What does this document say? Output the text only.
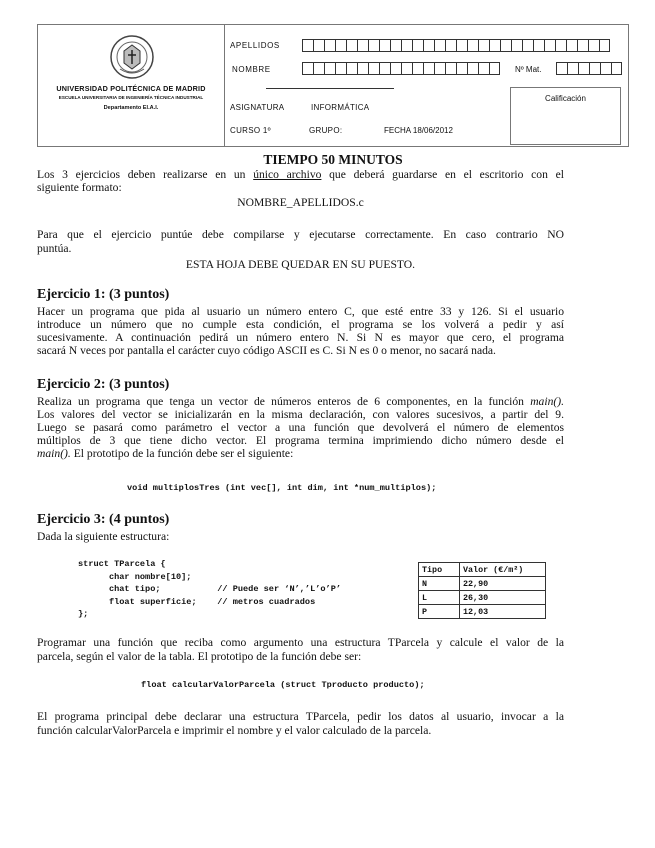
UNIVERSIDAD POLITÉCNICA DE MADRID
ESCUELA UNIVERSITARIA DE INGENIERÍA TÉCNICA INDUSTRIAL
Departamento El.A.I.
APELLIDOS
NOMBRE	Nº Mat.
ASIGNATURA	INFORMÁTICA
CURSO 1º	GRUPO:	FECHA 18/06/2012
Calificación
TIEMPO 50 MINUTOS

Los 3 ejercicios deben realizarse en un único archivo que deberá guardarse en el escritorio con el

siguiente formato:

NOMBRE_APELLIDOS.c

Para que el ejercicio puntúe debe compilarse y ejecutarse correctamente. En caso contrario NO

puntúa.

ESTA HOJA DEBE QUEDAR EN SU PUESTO.

Ejercicio 1: (3 puntos)

Hacer un programa que pida al usuario un número entero C, que esté entre 33 y 126. Si el usuario

introduce un número que no cumple esta condición, el programa se los volverá a pedir y así

sucesivamente. A continuación pedirá un número entero N. Si N es mayor que cero, el programa

sacará N veces por pantalla el carácter cuyo código ASCII es C. Si N es 0 o menor, no sacará nada.

Ejercicio 2: (3 puntos)

Realiza un programa que tenga un vector de números enteros de 6 componentes, en la función main().

Los valores del vector se inicializarán en la misma declaración, con valores sucesivos, a partir del 9.

Luego se pasará como parámetro el vector a una función que devolverá el número de elementos

múltiplos de 3 que tiene dicho vector. El programa termina imprimiendo dicho número desde el

main(). El prototipo de la función debe ser el siguiente:

void multiplosTres (int vec[], int dim, int *num_multiplos);
Ejercicio 3: (4 puntos)

Dada la siguiente estructura:

struct TParcela {
char nombre[10];
chat tipo;           // Puede ser ‘N’,’L’o’P’
float superficie;    // metros cuadrados
};
Tipo	Valor (€/m²)
N	22,90
L	26,30
P	12,03

Programar una función que reciba como argumento una estructura TParcela y calcule el valor de la

parcela, según el valor de la tabla. El prototipo de la función debe ser:

float calcularValorParcela (struct Tproducto producto);

El programa principal debe declarar una estructura TParcela, pedir los datos al usuario, invocar a la

función calcularValorParcela e imprimir el nombre y el valor calculado de la parcela.
